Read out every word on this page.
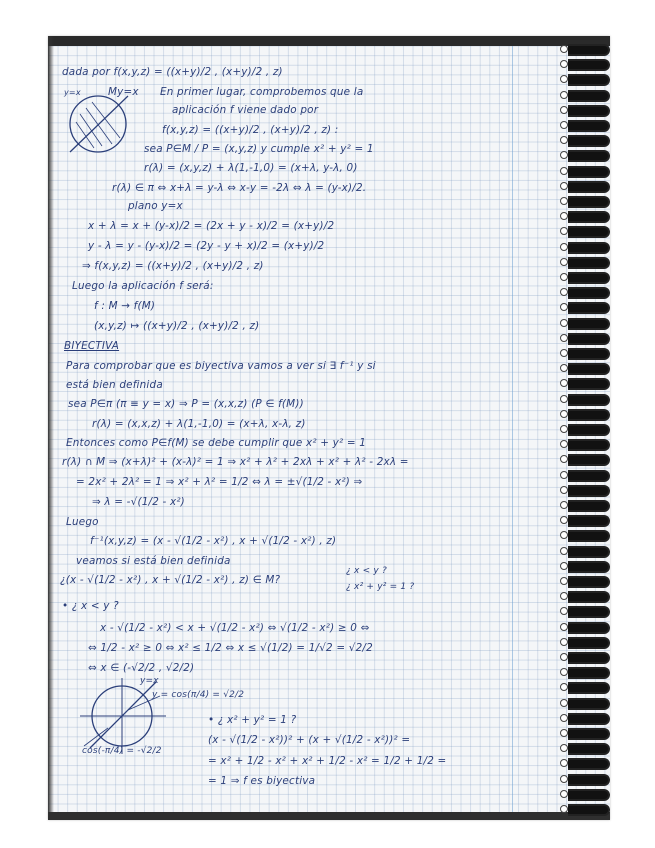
dada por f(x,y,z) = ((x+y)/2 , (x+y)/2 , z)
My=x En primer lugar, comprobemos que la
aplicación f viene dado por
f(x,y,z) = ((x+y)/2 , (x+y)/2 , z) :
sea P∈M / P = (x,y,z) y cumple x² + y² = 1
r(λ) = (x,y,z) + λ(1,-1,0) = (x+λ, y-λ, 0)
r(λ) ∈ π ⇔ x+λ = y-λ ⇔ x-y = -2λ ⇔ λ = (y-x)/2.
plano y=x
x + λ = x + (y-x)/2 = (2x + y - x)/2 = (x+y)/2
y - λ = y - (y-x)/2 = (2y - y + x)/2 = (x+y)/2
⇒ f(x,y,z) = ((x+y)/2 , (x+y)/2 , z)
Luego la aplicación f será:
f : M → f(M)
(x,y,z) ↦ ((x+y)/2 , (x+y)/2 , z)
BIYECTIVA
Para comprobar que es biyectiva vamos a ver si ∃ f⁻¹ y si
está bien definida
sea P∈π (π ≡ y = x) ⇒ P = (x,x,z) (P ∈ f(M))
r(λ) = (x,x,z) + λ(1,-1,0) = (x+λ, x-λ, z)
Entonces como P∈f(M) se debe cumplir que x² + y² = 1
r(λ) ∩ M ⇒ (x+λ)² + (x-λ)² = 1 ⇒ x² + λ² + 2xλ + x² + λ² - 2xλ =
= 2x² + 2λ² = 1 ⇒ x² + λ² = 1/2 ⇔ λ = ±√(1/2 - x²) ⇒
⇒ λ = -√(1/2 - x²)
Luego
f⁻¹(x,y,z) = (x - √(1/2 - x²) , x + √(1/2 - x²) , z)
veamos si está bien definida
¿(x - √(1/2 - x²) , x + √(1/2 - x²) , z) ∈ M?
¿ x < y ?
¿ x² + y² = 1 ?
• ¿ x < y ?
x - √(1/2 - x²) < x + √(1/2 - x²) ⇔ √(1/2 - x²) ≥ 0 ⇔
⇔ 1/2 - x² ≥ 0 ⇔ x² ≤ 1/2 ⇔ x ≤ √(1/2) = 1/√2 = √2/2
⇔ x ∈ (-√2/2 , √2/2)
y=x
y = cos(π/4) = √2/2
cos(-π/4) = -√2/2
• ¿ x² + y² = 1 ?
(x - √(1/2 - x²))² + (x + √(1/2 - x²))² =
= x² + 1/2 - x² + x² + 1/2 - x² = 1/2 + 1/2 =
= 1 ⇒ f es biyectiva
y=x
